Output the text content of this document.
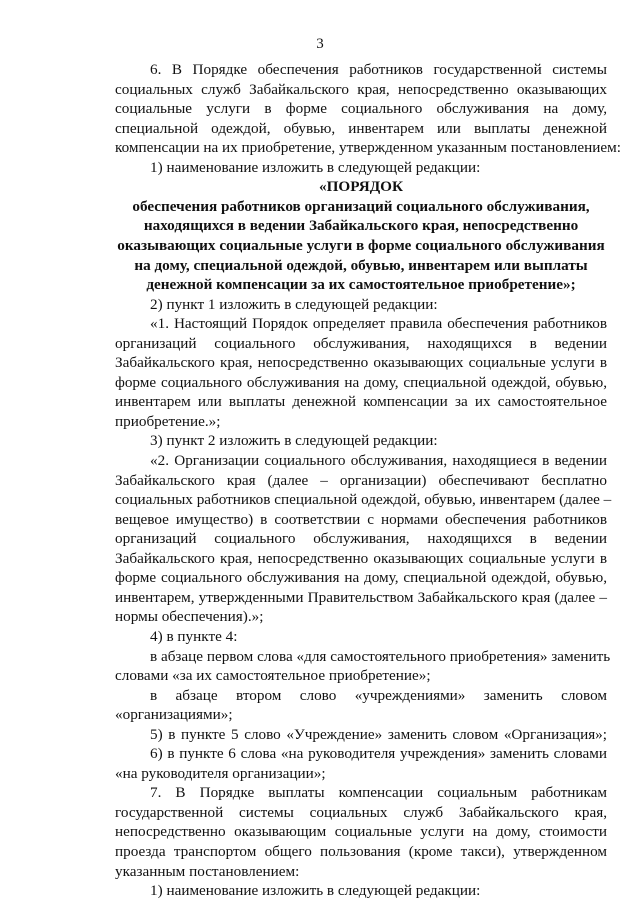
3
6. В Порядке обеспечения работников государственной системы
социальных служб Забайкальского края, непосредственно оказывающих
социальные услуги в форме социального обслуживания на дому,
специальной одеждой, обувью, инвентарем или выплаты денежной
компенсации на их приобретение, утвержденном указанным постановлением:
1) наименование изложить в следующей редакции:
«ПОРЯДОК
обеспечения работников организаций социального обслуживания,
находящихся в ведении Забайкальского края, непосредственно
оказывающих социальные услуги в форме социального обслуживания
на дому, специальной одеждой, обувью, инвентарем или выплаты
денежной компенсации за их самостоятельное приобретение»;
2) пункт 1 изложить в следующей редакции:
«1. Настоящий Порядок определяет правила обеспечения работников
организаций социального обслуживания, находящихся в ведении
Забайкальского края, непосредственно оказывающих социальные услуги в
форме социального обслуживания на дому, специальной одеждой, обувью,
инвентарем или выплаты денежной компенсации за их самостоятельное
приобретение.»;
3) пункт 2 изложить в следующей редакции:
«2. Организации социального обслуживания, находящиеся в ведении
Забайкальского края (далее – организации) обеспечивают бесплатно
социальных работников специальной одеждой, обувью, инвентарем (далее –
вещевое имущество) в соответствии с нормами обеспечения работников
организаций социального обслуживания, находящихся в ведении
Забайкальского края, непосредственно оказывающих социальные услуги в
форме социального обслуживания на дому, специальной одеждой, обувью,
инвентарем, утвержденными Правительством Забайкальского края (далее –
нормы обеспечения).»;
4) в пункте 4:
в абзаце первом слова «для самостоятельного приобретения» заменить
словами «за их самостоятельное приобретение»;
в абзаце втором слово «учреждениями» заменить словом
«организациями»;
5) в пункте 5 слово «Учреждение» заменить словом «Организация»;
6) в пункте 6 слова «на руководителя учреждения» заменить словами
«на руководителя организации»;
7. В Порядке выплаты компенсации социальным работникам
государственной системы социальных служб Забайкальского края,
непосредственно оказывающим социальные услуги на дому, стоимости
проезда транспортом общего пользования (кроме такси), утвержденном
указанным постановлением:
1) наименование изложить в следующей редакции:
